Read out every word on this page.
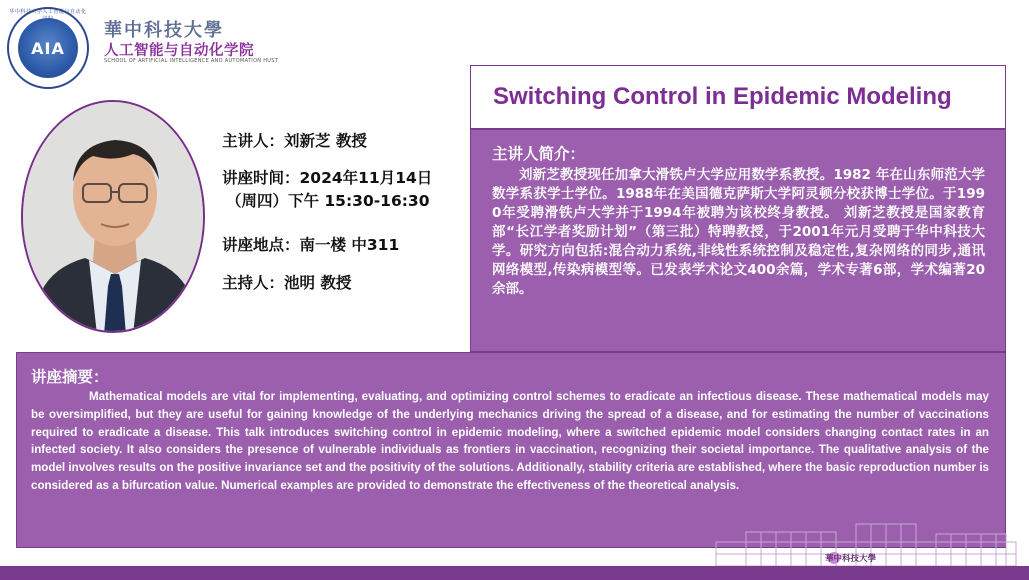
华中科技大学人工智能与自动化
AIA
華中科技大學
人工智能与自动化学院
SCHOOL OF ARTIFICIAL INTELLIGENCE AND AUTOMATION HUST
主讲人：刘新芝 教授
讲座时间：2024年11月14日
（周四）下午 15:30-16:30
讲座地点：南一楼 中311
主持人：池明 教授
Switching Control in Epidemic Modeling
主讲人简介：

刘新芝教授现任加拿大滑铁卢大学应用数学系教授。1982 年在山东师范大学数学系获学士学位。1988年在美国德克萨斯大学阿灵顿分校获博士学位。于1990年受聘滑铁卢大学并于1994年被聘为该校终身教授。 刘新芝教授是国家教育部“长江学者奖励计划”（第三批）特聘教授，于2001年元月受聘于华中科技大学。研究方向包括:混合动力系统,非线性系统控制及稳定性,复杂网络的同步,通讯网络模型,传染病模型等。已发表学术论文400余篇，学术专著6部，学术编著20余部。

讲座摘要：

Mathematical models are vital for implementing, evaluating, and optimizing control schemes to eradicate an infectious disease. These mathematical models may be oversimplified, but they are useful for gaining knowledge of the underlying mechanics driving the spread of a disease, and for estimating the number of vaccinations required to eradicate a disease. This talk introduces switching control in epidemic modeling, where a switched epidemic model considers changing contact rates in an infected society. It also considers the presence of vulnerable individuals as frontiers in vaccination, recognizing their societal importance. The qualitative analysis of the model involves results on the positive invariance set and the positivity of the solutions. Additionally, stability criteria are established, where the basic reproduction number is considered as a bifurcation value. Numerical examples are provided to demonstrate the effectiveness of the theoretical analysis.

華中科技大學
